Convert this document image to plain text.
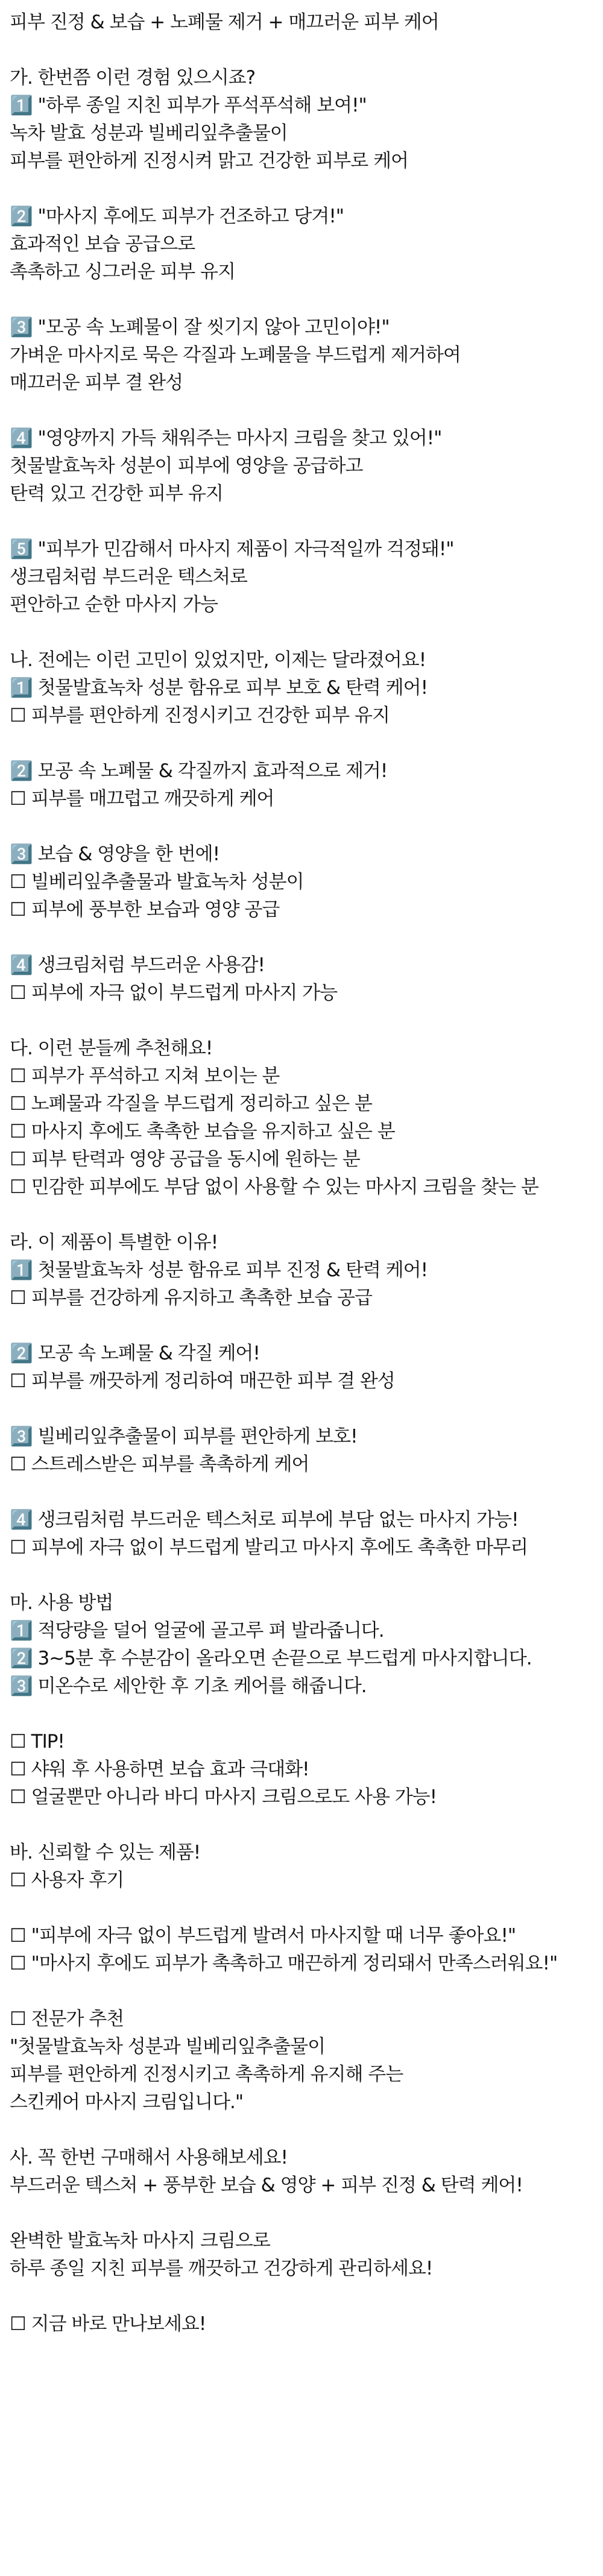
피부 진정 & 보습 + 노폐물 제거 + 매끄러운 피부 케어

가. 한번쯤 이런 경험 있으시죠?

1️⃣ "하루 종일 지친 피부가 푸석푸석해 보여!"

녹차 발효 성분과 빌베리잎추출물이

피부를 편안하게 진정시켜 맑고 건강한 피부로 케어

2️⃣ "마사지 후에도 피부가 건조하고 당겨!"

효과적인 보습 공급으로

촉촉하고 싱그러운 피부 유지

3️⃣ "모공 속 노폐물이 잘 씻기지 않아 고민이야!"

가벼운 마사지로 묵은 각질과 노폐물을 부드럽게 제거하여

매끄러운 피부 결 완성

4️⃣ "영양까지 가득 채워주는 마사지 크림을 찾고 있어!"

첫물발효녹차 성분이 피부에 영양을 공급하고

탄력 있고 건강한 피부 유지

5️⃣ "피부가 민감해서 마사지 제품이 자극적일까 걱정돼!"

생크림처럼 부드러운 텍스처로

편안하고 순한 마사지 가능

나. 전에는 이런 고민이 있었지만, 이제는 달라졌어요!

1️⃣ 첫물발효녹차 성분 함유로 피부 보호 & 탄력 케어!

☐ 피부를 편안하게 진정시키고 건강한 피부 유지

2️⃣ 모공 속 노폐물 & 각질까지 효과적으로 제거!

☐ 피부를 매끄럽고 깨끗하게 케어

3️⃣ 보습 & 영양을 한 번에!

☐ 빌베리잎추출물과 발효녹차 성분이

☐ 피부에 풍부한 보습과 영양 공급

4️⃣ 생크림처럼 부드러운 사용감!

☐ 피부에 자극 없이 부드럽게 마사지 가능

다. 이런 분들께 추천해요!

☐ 피부가 푸석하고 지쳐 보이는 분

☐ 노폐물과 각질을 부드럽게 정리하고 싶은 분

☐ 마사지 후에도 촉촉한 보습을 유지하고 싶은 분

☐ 피부 탄력과 영양 공급을 동시에 원하는 분

☐ 민감한 피부에도 부담 없이 사용할 수 있는 마사지 크림을 찾는 분

라. 이 제품이 특별한 이유!

1️⃣ 첫물발효녹차 성분 함유로 피부 진정 & 탄력 케어!

☐ 피부를 건강하게 유지하고 촉촉한 보습 공급

2️⃣ 모공 속 노폐물 & 각질 케어!

☐ 피부를 깨끗하게 정리하여 매끈한 피부 결 완성

3️⃣ 빌베리잎추출물이 피부를 편안하게 보호!

☐ 스트레스받은 피부를 촉촉하게 케어

4️⃣ 생크림처럼 부드러운 텍스처로 피부에 부담 없는 마사지 가능!

☐ 피부에 자극 없이 부드럽게 발리고 마사지 후에도 촉촉한 마무리

마. 사용 방법

1️⃣ 적당량을 덜어 얼굴에 골고루 펴 발라줍니다.

2️⃣ 3~5분 후 수분감이 올라오면 손끝으로 부드럽게 마사지합니다.

3️⃣ 미온수로 세안한 후 기초 케어를 해줍니다.

☐ TIP!

☐ 샤워 후 사용하면 보습 효과 극대화!

☐ 얼굴뿐만 아니라 바디 마사지 크림으로도 사용 가능!

바. 신뢰할 수 있는 제품!

☐ 사용자 후기

☐ "피부에 자극 없이 부드럽게 발려서 마사지할 때 너무 좋아요!"

☐ "마사지 후에도 피부가 촉촉하고 매끈하게 정리돼서 만족스러워요!"

☐ 전문가 추천

"첫물발효녹차 성분과 빌베리잎추출물이

피부를 편안하게 진정시키고 촉촉하게 유지해 주는

스킨케어 마사지 크림입니다."

사. 꼭 한번 구매해서 사용해보세요!

부드러운 텍스처 + 풍부한 보습 & 영양 + 피부 진정 & 탄력 케어!

완벽한 발효녹차 마사지 크림으로

하루 종일 지친 피부를 깨끗하고 건강하게 관리하세요!

☐ 지금 바로 만나보세요!
